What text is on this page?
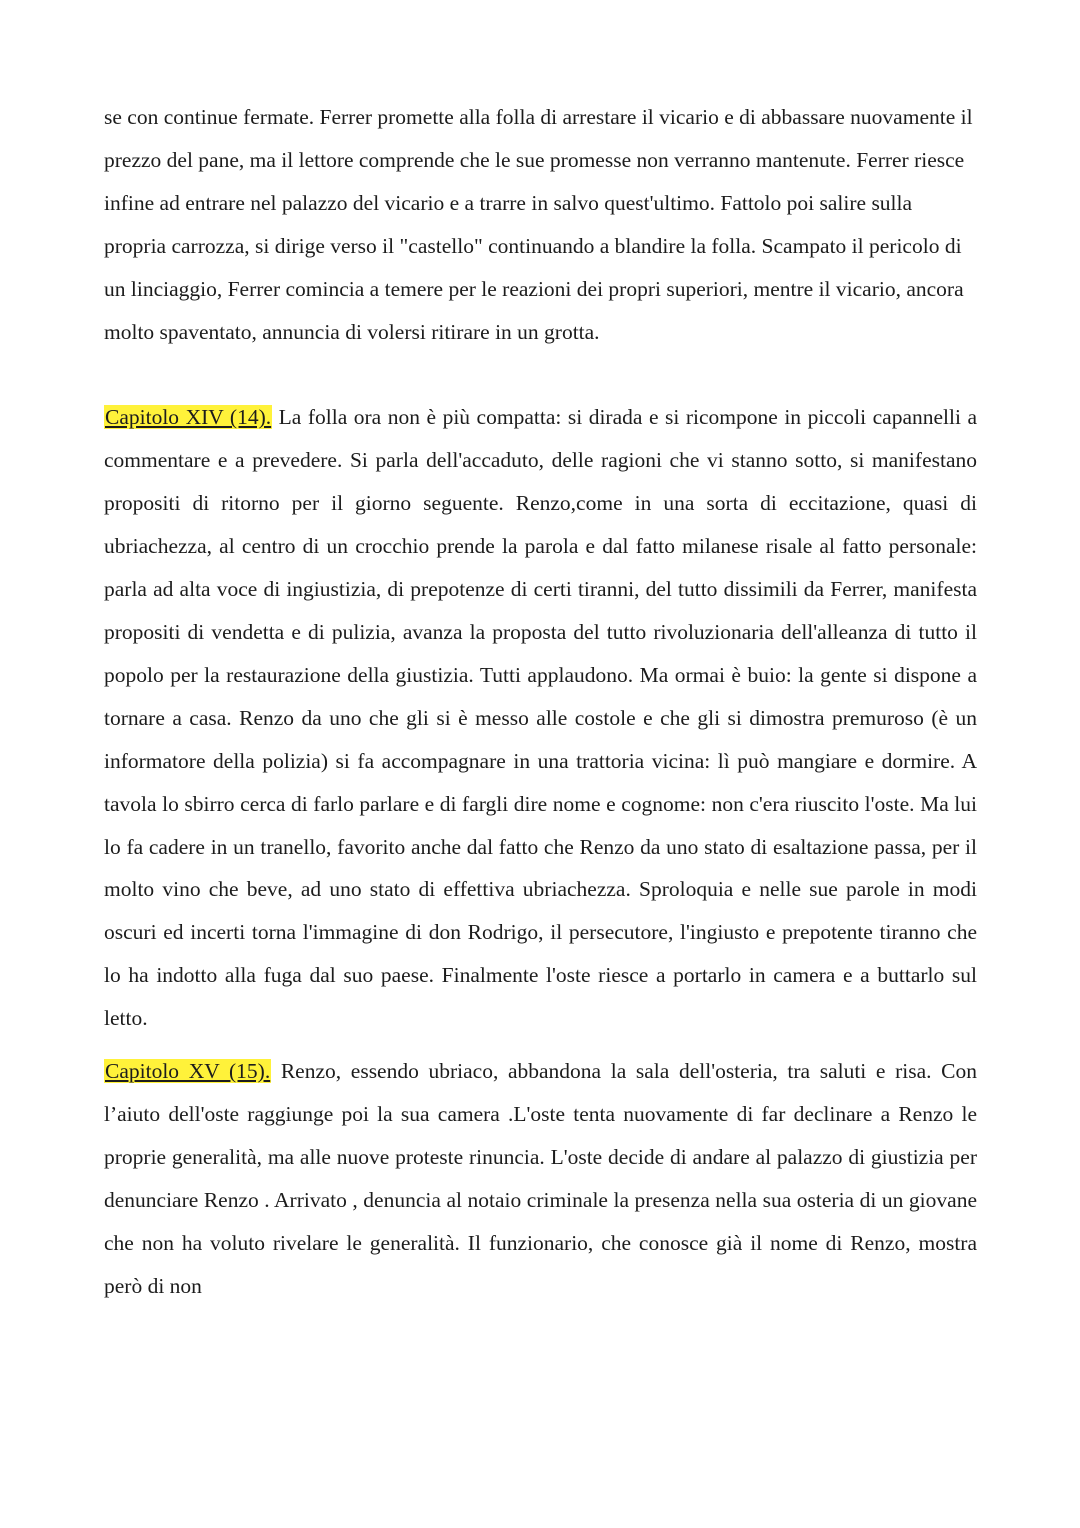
se con continue fermate. Ferrer promette alla folla di arrestare il vicario e di abbassare nuovamente il prezzo del pane, ma il lettore comprende che le sue promesse non verranno mantenute. Ferrer riesce infine ad entrare nel palazzo del vicario e a trarre in salvo quest'ultimo. Fattolo poi salire sulla propria carrozza, si dirige verso il "castello" continuando a blandire la folla. Scampato il pericolo di un linciaggio, Ferrer comincia a temere per le reazioni dei propri superiori, mentre il vicario, ancora molto spaventato, annuncia di volersi ritirare in un grotta.

Capitolo XIV (14). La folla ora non è più compatta: si dirada e si ricompone in piccoli capannelli a commentare e a prevedere. Si parla dell'accaduto, delle ragioni che vi stanno sotto, si manifestano propositi di ritorno per il giorno seguente. Renzo,come in una sorta di eccitazione, quasi di ubriachezza, al centro di un crocchio prende la parola e dal fatto milanese risale al fatto personale: parla ad alta voce di ingiustizia, di prepotenze di certi tiranni, del tutto dissimili da Ferrer, manifesta propositi di vendetta e di pulizia, avanza la proposta del tutto rivoluzionaria dell'alleanza di tutto il popolo per la restaurazione della giustizia. Tutti applaudono. Ma ormai è buio: la gente si dispone a tornare a casa. Renzo da uno che gli si è messo alle costole e che gli si dimostra premuroso (è un informatore della polizia) si fa accompagnare in una trattoria vicina: lì può mangiare e dormire. A tavola lo sbirro cerca di farlo parlare e di fargli dire nome e cognome: non c'era riuscito l'oste. Ma lui lo fa cadere in un tranello, favorito anche dal fatto che Renzo da uno stato di esaltazione passa, per il molto vino che beve, ad uno stato di effettiva ubriachezza. Sproloquia e nelle sue parole in modi oscuri ed incerti torna l'immagine di don Rodrigo, il persecutore, l'ingiusto e prepotente tiranno che lo ha indotto alla fuga dal suo paese. Finalmente l'oste riesce a portarlo in camera e a buttarlo sul letto.

Capitolo XV (15). Renzo, essendo ubriaco, abbandona la sala dell'osteria, tra saluti e risa. Con l’aiuto dell'oste raggiunge poi la sua camera .L'oste tenta nuovamente di far declinare a Renzo le proprie generalità, ma alle nuove proteste rinuncia. L'oste decide di andare al palazzo di giustizia per denunciare Renzo . Arrivato , denuncia al notaio criminale la presenza nella sua osteria di un giovane che non ha voluto rivelare le generalità. Il funzionario, che conosce già il nome di Renzo, mostra però di non
